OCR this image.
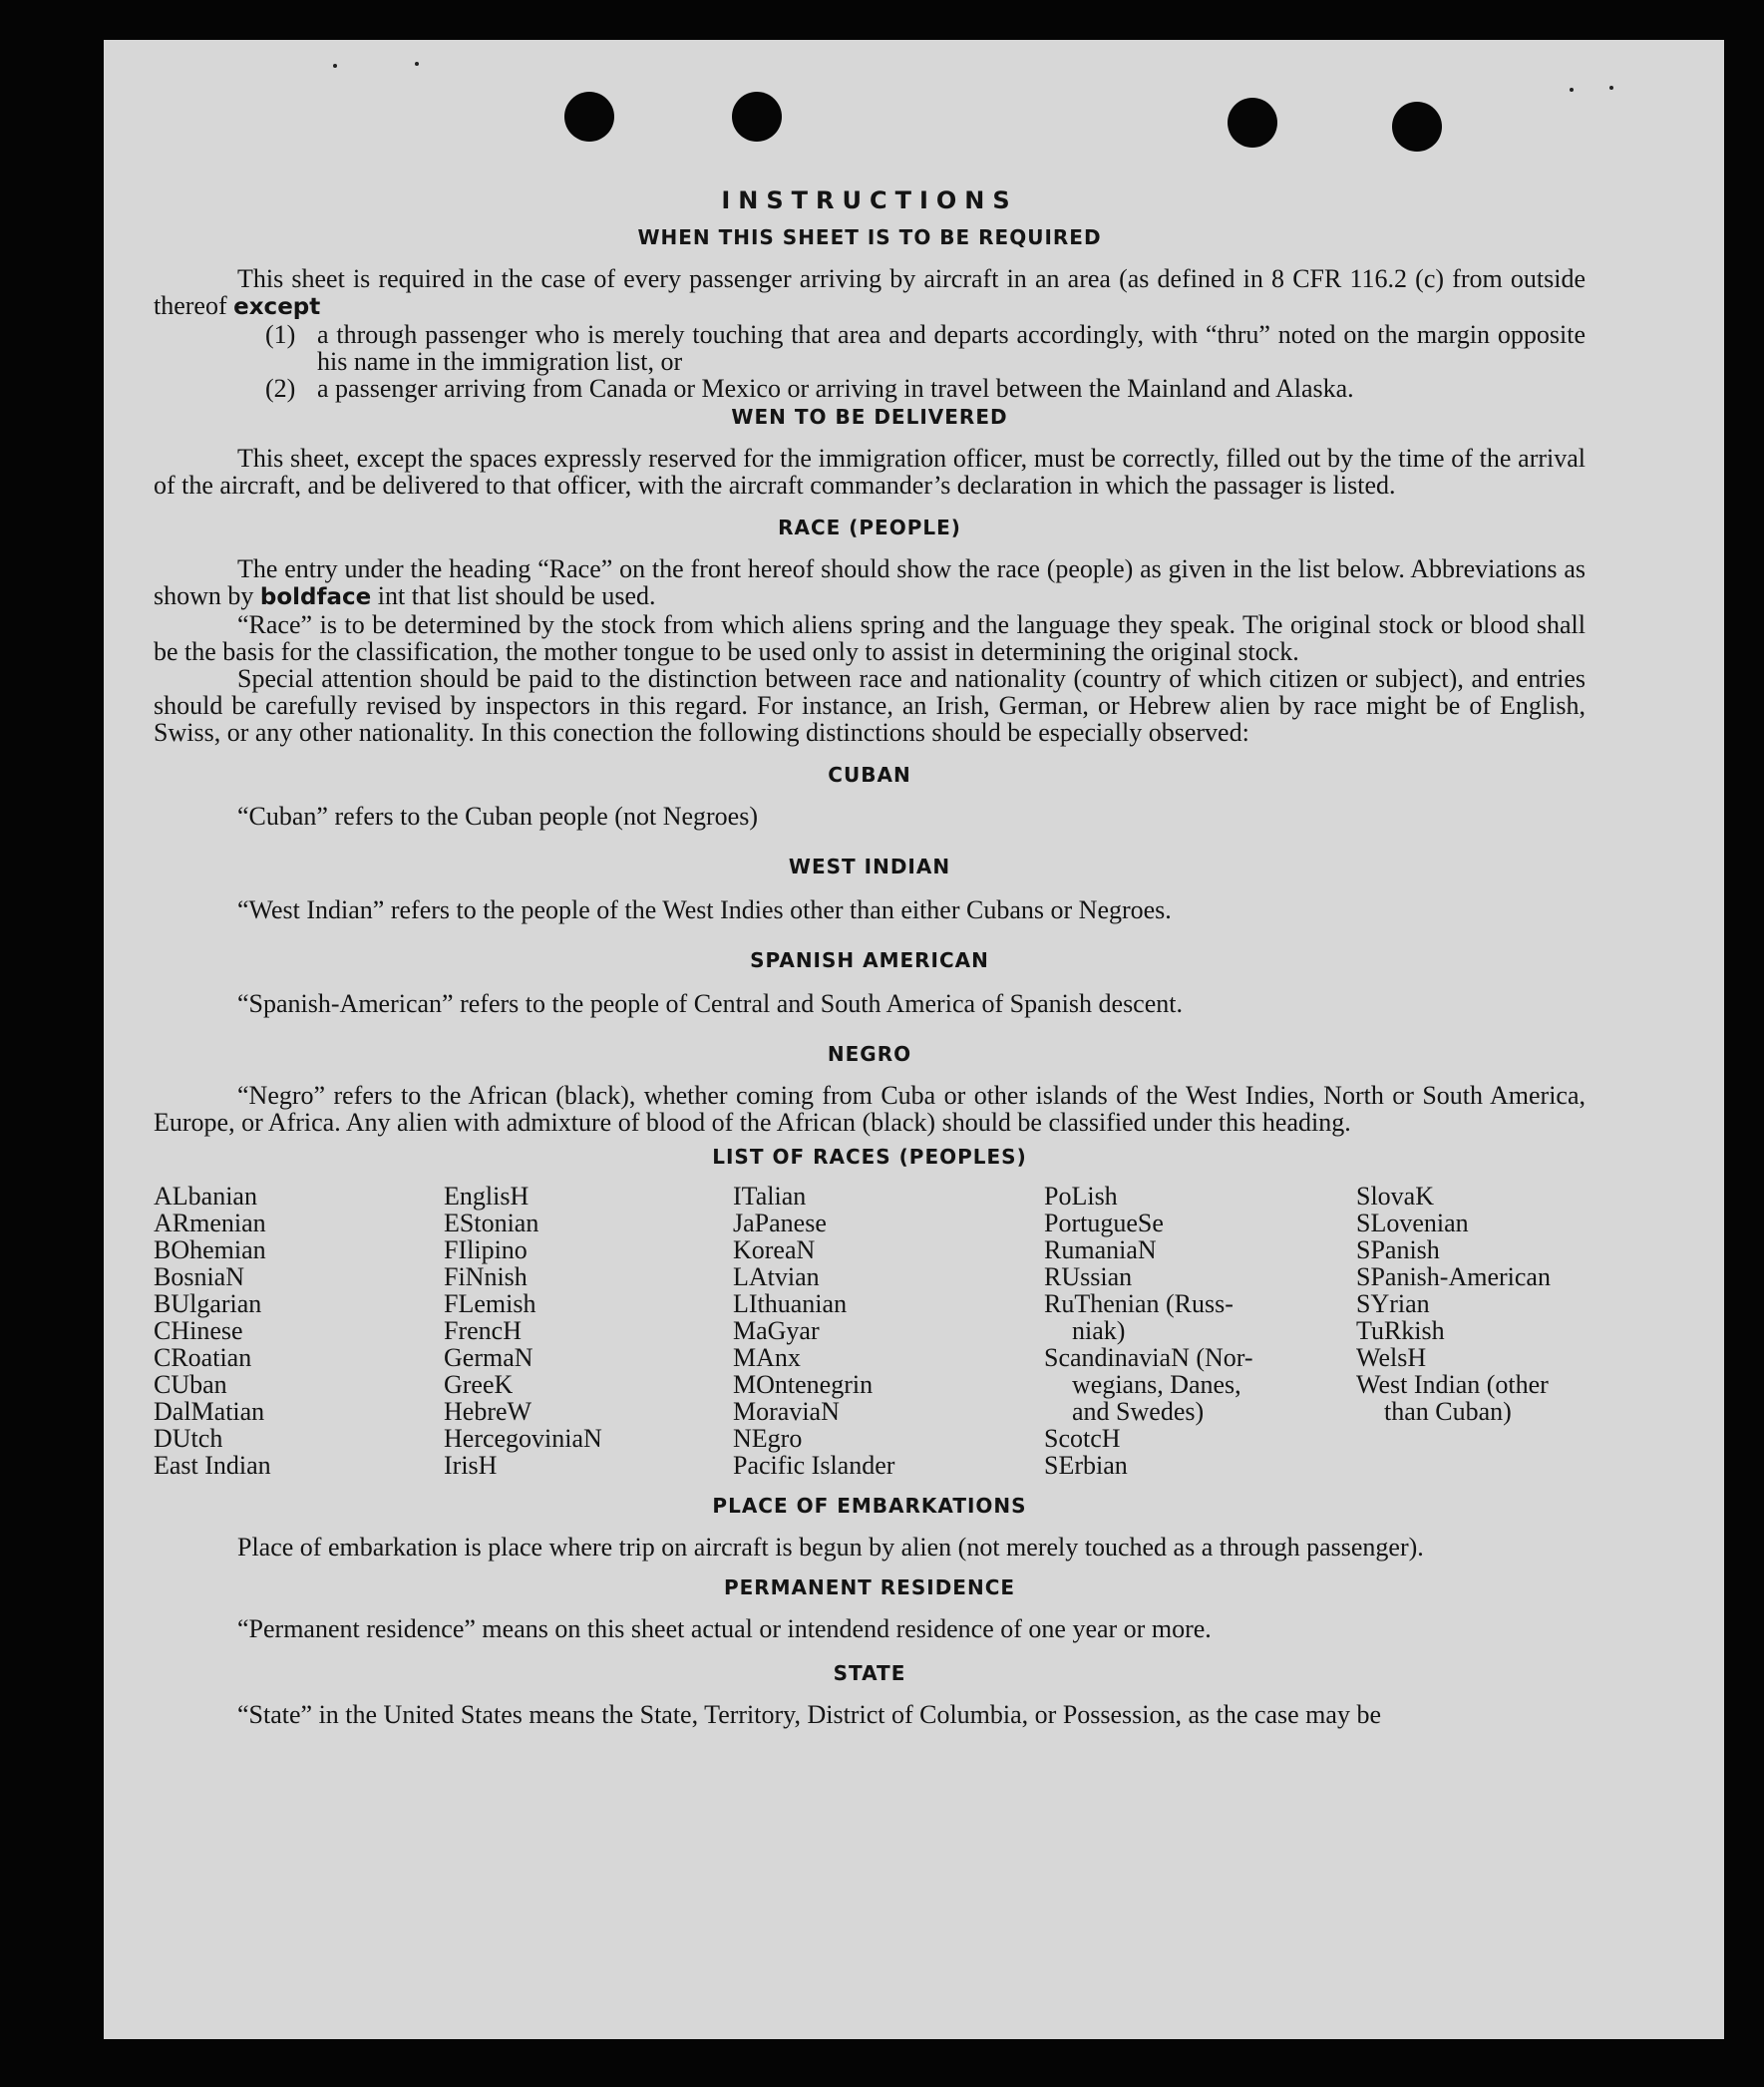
INSTRUCTIONS
WHEN THIS SHEET IS TO BE REQUIRED

This sheet is required in the case of every passenger arriving by aircraft in an area (as defined in 8 CFR 116.2 (c) from outside thereof except

(1) a through passenger who is merely touching that area and departs accordingly, with “thru” noted on the margin opposite his name in the immigration list, or
(2) a passenger arriving from Canada or Mexico or arriving in travel between the Mainland and Alaska.
WEN TO BE DELIVERED

This sheet, except the spaces expressly reserved for the immigration officer, must be correctly, filled out by the time of the arrival of the aircraft, and be delivered to that officer, with the aircraft commander’s declaration in which the passager is listed.

RACE (PEOPLE)

The entry under the heading “Race” on the front hereof should show the race (people) as given in the list below. Abbreviations as shown by boldface int that list should be used.

“Race” is to be determined by the stock from which aliens spring and the language they speak. The original stock or blood shall be the basis for the classification, the mother tongue to be used only to assist in determining the original stock.

Special attention should be paid to the distinction between race and nationality (country of which citizen or subject), and entries should be carefully revised by inspectors in this regard. For instance, an Irish, German, or Hebrew alien by race might be of English, Swiss, or any other nationality. In this conection the following distinctions should be especially observed:

CUBAN

“Cuban” refers to the Cuban people (not Negroes)

WEST INDIAN

“West Indian” refers to the people of the West Indies other than either Cubans or Negroes.

SPANISH AMERICAN

“Spanish-American” refers to the people of Central and South America of Spanish descent.

NEGRO

“Negro” refers to the African (black), whether coming from Cuba or other islands of the West Indies, North or South America, Europe, or Africa. Any alien with admixture of blood of the African (black) should be classified under this heading.

LIST OF RACES (PEOPLES)
ALbanian
ARmenian
BOhemian
BosniaN
BUlgarian
CHinese
CRoatian
CUban
DalMatian
DUtch
East Indian
EnglisH
EStonian
FIlipino
FiNnish
FLemish
FrencH
GermaN
GreeK
HebreW
HercegoviniaN
IrisH
ITalian
JaPanese
KoreaN
LAtvian
LIthuanian
MaGyar
MAnx
MOntenegrin
MoraviaN
NEgro
Pacific Islander
PoLish
PortugueSe
RumaniaN
RUssian
RuThenian (Russ-
niak)
ScandinaviaN (Nor-
wegians, Danes,
and Swedes)
ScotcH
SErbian
SlovaK
SLovenian
SPanish
SPanish-American
SYrian
TuRkish
WelsH
West Indian (other
than Cuban)
PLACE OF EMBARKATIONS

Place of embarkation is place where trip on aircraft is begun by alien (not merely touched as a through passenger).

PERMANENT RESIDENCE

“Permanent residence” means on this sheet actual or intendend residence of one year or more.

STATE

“State” in the United States means the State, Territory, District of Columbia, or Possession, as the case may be
